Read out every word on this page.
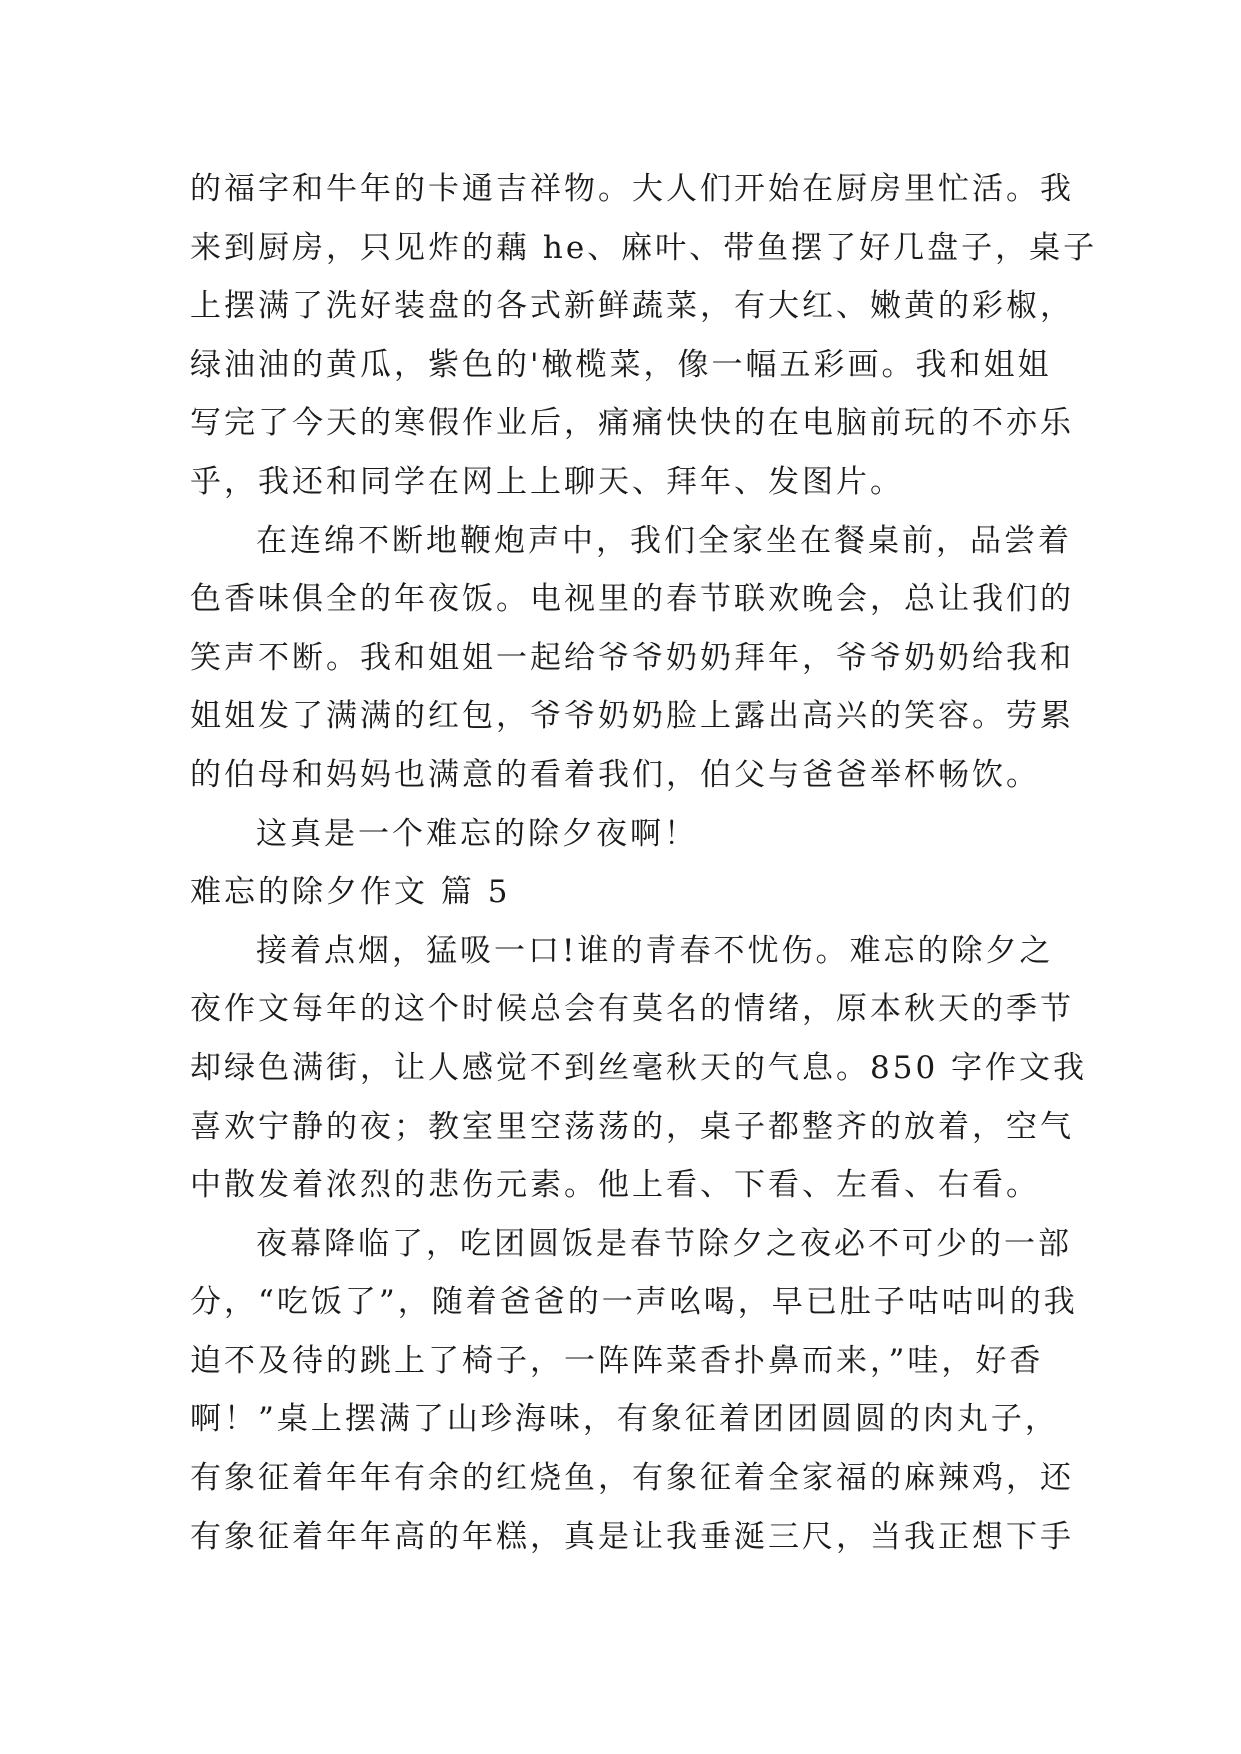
的福字和牛年的卡通吉祥物。大人们开始在厨房里忙活。我
来到厨房，只见炸的藕 he、麻叶、带鱼摆了好几盘子，桌子
上摆满了洗好装盘的各式新鲜蔬菜，有大红、嫩黄的彩椒，
绿油油的黄瓜，紫色的'橄榄菜，像一幅五彩画。我和姐姐
写完了今天的寒假作业后，痛痛快快的在电脑前玩的不亦乐
乎，我还和同学在网上上聊天、拜年、发图片。
在连绵不断地鞭炮声中，我们全家坐在餐桌前，品尝着
色香味俱全的年夜饭。电视里的春节联欢晚会，总让我们的
笑声不断。我和姐姐一起给爷爷奶奶拜年，爷爷奶奶给我和
姐姐发了满满的红包，爷爷奶奶脸上露出高兴的笑容。劳累
的伯母和妈妈也满意的看着我们，伯父与爸爸举杯畅饮。
这真是一个难忘的除夕夜啊！
难忘的除夕作文 篇 5
接着点烟，猛吸一口!谁的青春不忧伤。难忘的除夕之
夜作文每年的这个时候总会有莫名的情绪，原本秋天的季节
却绿色满街，让人感觉不到丝毫秋天的气息。850 字作文我
喜欢宁静的夜；教室里空荡荡的，桌子都整齐的放着，空气
中散发着浓烈的悲伤元素。他上看、下看、左看、右看。
夜幕降临了，吃团圆饭是春节除夕之夜必不可少的一部
分，“吃饭了”，随着爸爸的一声吆喝，早已肚子咕咕叫的我
迫不及待的跳上了椅子，一阵阵菜香扑鼻而来，”哇，好香
啊！”桌上摆满了山珍海味，有象征着团团圆圆的肉丸子，
有象征着年年有余的红烧鱼，有象征着全家福的麻辣鸡，还
有象征着年年高的年糕，真是让我垂涎三尺，当我正想下手
